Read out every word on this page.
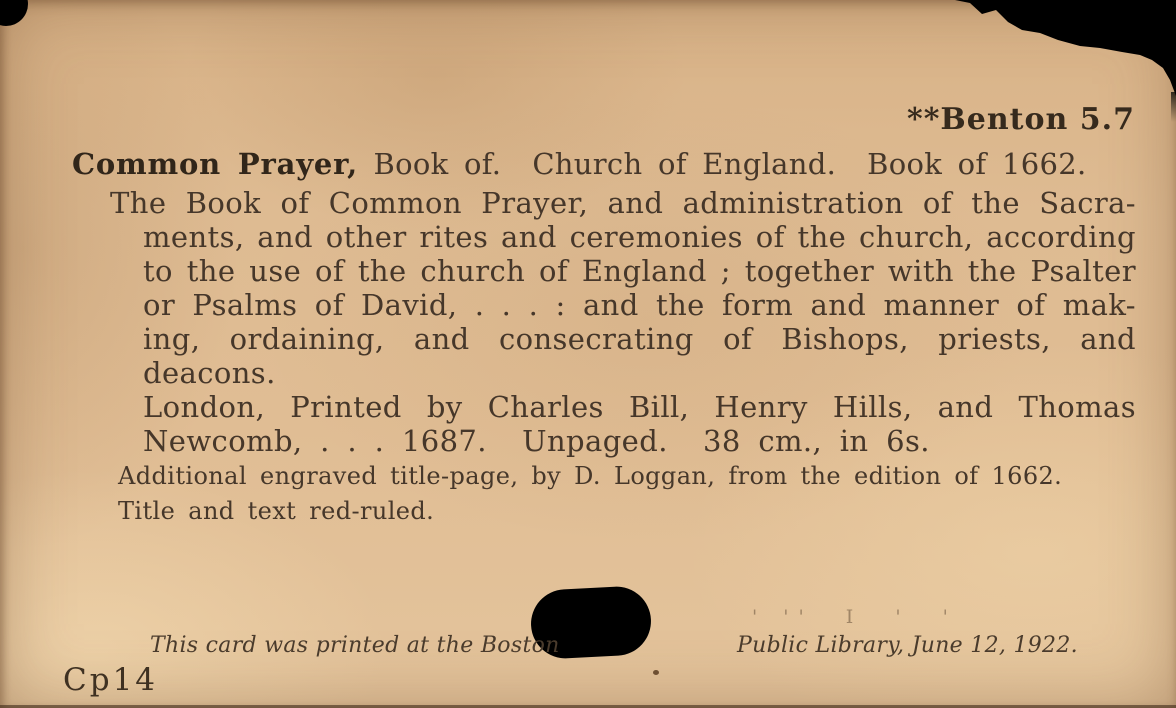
' ''  I  '  '
**Benton 5.7
Common Prayer, Book of.  Church of England.  Book of 1662.
The Book of Common Prayer, and administration of the Sacra-
ments, and other rites and ceremonies of the church, according
to the use of the church of England ; together with the Psalter
or Psalms of David, . . . : and the form and manner of mak-
ing, ordaining, and consecrating of Bishops, priests, and
deacons.
London, Printed by Charles Bill, Henry Hills, and Thomas
Newcomb, . . . 1687.  Unpaged.  38 cm., in 6s.
Additional engraved title-page, by D. Loggan, from the edition of 1662.
Title and text red-ruled.
This card was printed at the Boston	Public Library, June 12, 1922.
Cp14
